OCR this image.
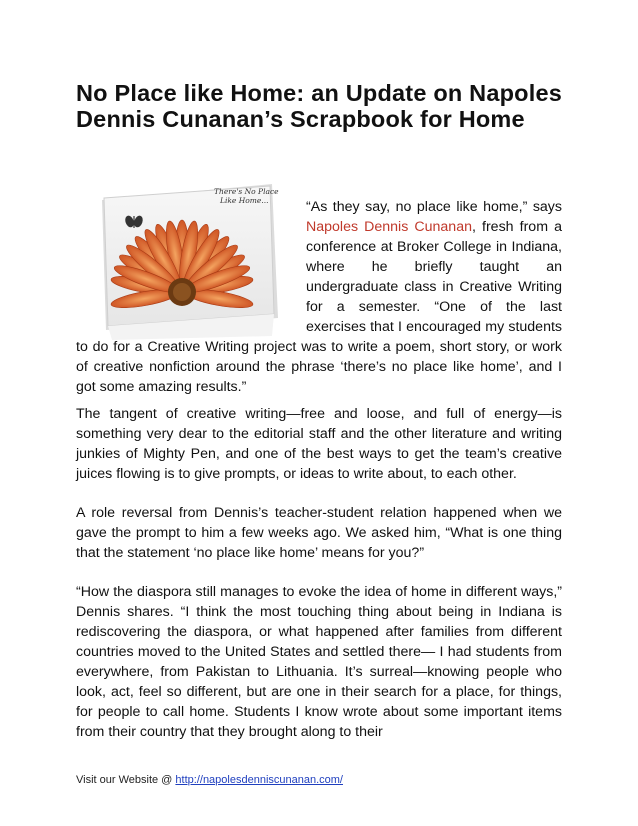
No Place like Home: an Update on Napoles Dennis Cunanan’s Scrapbook for Home
There's No Place
Like Home...	“As they say, no place like home,” says Napoles Dennis Cunanan, fresh from a conference at Broker College in Indiana, where he briefly taught an undergraduate class in Creative Writing for a semester. “One of the last exercises that I encouraged my students to do for a Creative Writing project was to write a poem, short story, or work of creative nonfiction around the phrase ‘there’s no place like home’, and I got some amazing results.”

The tangent of creative writing—free and loose, and full of energy—is something very dear to the editorial staff and the other literature and writing junkies of Mighty Pen, and one of the best ways to get the team’s creative juices flowing is to give prompts, or ideas to write about, to each other.

A role reversal from Dennis’s teacher-student relation happened when we gave the prompt to him a few weeks ago. We asked him, “What is one thing that the statement ‘no place like home’ means for you?”

“How the diaspora still manages to evoke the idea of home in different ways,” Dennis shares. “I think the most touching thing about being in Indiana is rediscovering the diaspora, or what happened after families from different countries moved to the United States and settled there— I had students from everywhere, from Pakistan to Lithuania. It’s surreal—knowing people who look, act, feel so different, but are one in their search for a place, for things, for people to call home. Students I know wrote about some important items from their country that they brought along to their

Visit our Website @ http://napolesdenniscunanan.com/
